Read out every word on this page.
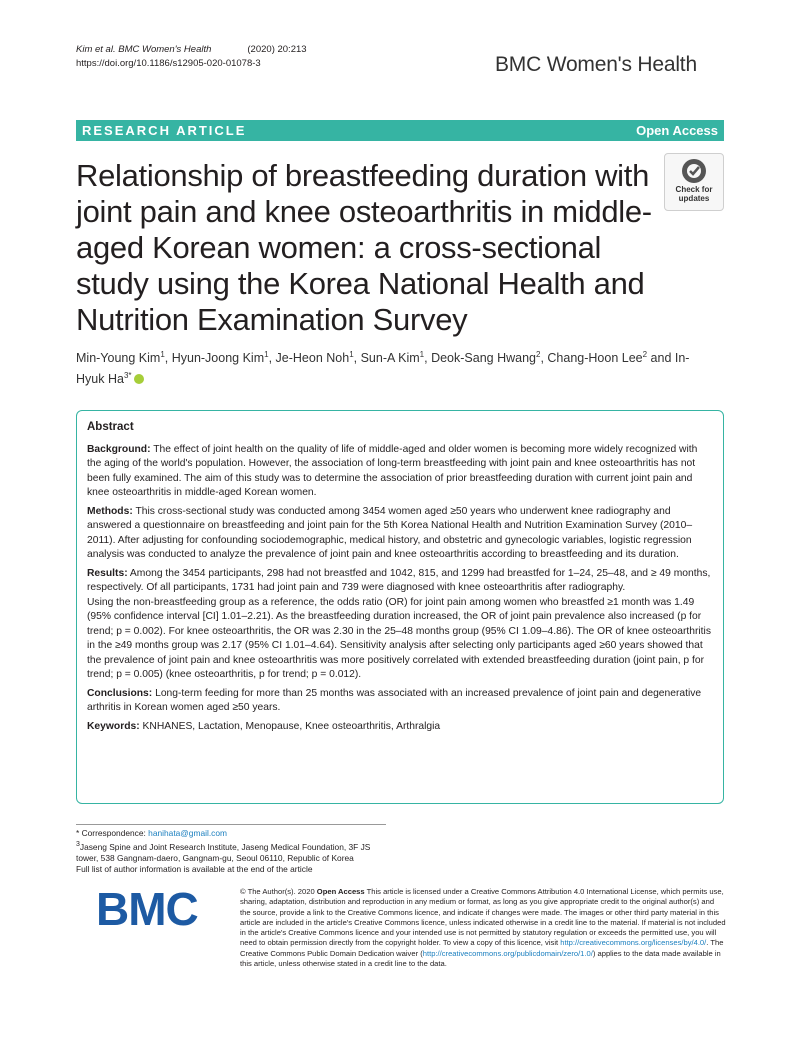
Kim et al. BMC Women's Health	(2020) 20:213
https://doi.org/10.1186/s12905-020-01078-3	BMC Women's Health
RESEARCH ARTICLE	Open Access
Relationship of breastfeeding duration with joint pain and knee osteoarthritis in middle-aged Korean women: a cross-sectional study using the Korea National Health and Nutrition Examination Survey
Check for
updates
Min-Young Kim$^1$, Hyun-Joong Kim$^1$, Je-Heon Noh$^1$, Sun-A Kim$^1$, Deok-Sang Hwang$^2$, Chang-Hoon Lee$^2$ and In-Hyuk $Ha^{3*}$
Abstract

Background: The effect of joint health on the quality of life of middle-aged and older women is becoming more widely recognized with the aging of the world's population. However, the association of long-term breastfeeding with joint pain and knee osteoarthritis has not been fully examined. The aim of this study was to determine the association of prior breastfeeding duration with current joint pain and knee osteoarthritis in middle-aged Korean women.

Methods: This cross-sectional study was conducted among 3454 women aged ≥50 years who underwent knee radiography and answered a questionnaire on breastfeeding and joint pain for the 5th Korea National Health and Nutrition Examination Survey (2010–2011). After adjusting for confounding sociodemographic, medical history, and obstetric and gynecologic variables, logistic regression analysis was conducted to analyze the prevalence of joint pain and knee osteoarthritis according to breastfeeding and its duration.

Results: Among the 3454 participants, 298 had not breastfed and 1042, 815, and 1299 had breastfed for 1–24, 25–48, and ≥ 49 months, respectively. Of all participants, 1731 had joint pain and 739 were diagnosed with knee osteoarthritis after radiography.

Using the non-breastfeeding group as a reference, the odds ratio (OR) for joint pain among women who breastfed ≥1 month was 1.49 (95% confidence interval [CI] 1.01–2.21). As the breastfeeding duration increased, the OR of joint pain prevalence also increased (p for trend; p = 0.002). For knee osteoarthritis, the OR was 2.30 in the 25–48 months group (95% CI 1.09–4.86). The OR of knee osteoarthritis in the ≥49 months group was 2.17 (95% CI 1.01–4.64). Sensitivity analysis after selecting only participants aged ≥60 years showed that the prevalence of joint pain and knee osteoarthritis was more positively correlated with extended breastfeeding duration (joint pain, p for trend; p = 0.005) (knee osteoarthritis, p for trend; p = 0.012).

Conclusions: Long-term feeding for more than 25 months was associated with an increased prevalence of joint pain and degenerative arthritis in Korean women aged ≥50 years.

Keywords: KNHANES, Lactation, Menopause, Knee osteoarthritis, Arthralgia

* Correspondence: hanihata@gmail.com
$^3$Jaseng Spine and Joint Research Institute, Jaseng Medical Foundation, 3F JS tower, 538 Gangnam-daero, Gangnam-gu, Seoul 06110, Republic of Korea
Full list of author information is available at the end of the article
BMC	© The Author(s). 2020 Open Access This article is licensed under a Creative Commons Attribution 4.0 International License, which permits use, sharing, adaptation, distribution and reproduction in any medium or format, as long as you give appropriate credit to the original author(s) and the source, provide a link to the Creative Commons licence, and indicate if changes were made. The images or other third party material in this article are included in the article's Creative Commons licence, unless indicated otherwise in a credit line to the material. If material is not included in the article's Creative Commons licence and your intended use is not permitted by statutory regulation or exceeds the permitted use, you will need to obtain permission directly from the copyright holder. To view a copy of this licence, visit http://creativecommons.org/licenses/by/4.0/. The Creative Commons Public Domain Dedication waiver (http://creativecommons.org/publicdomain/zero/1.0/) applies to the data made available in this article, unless otherwise stated in a credit line to the data.
